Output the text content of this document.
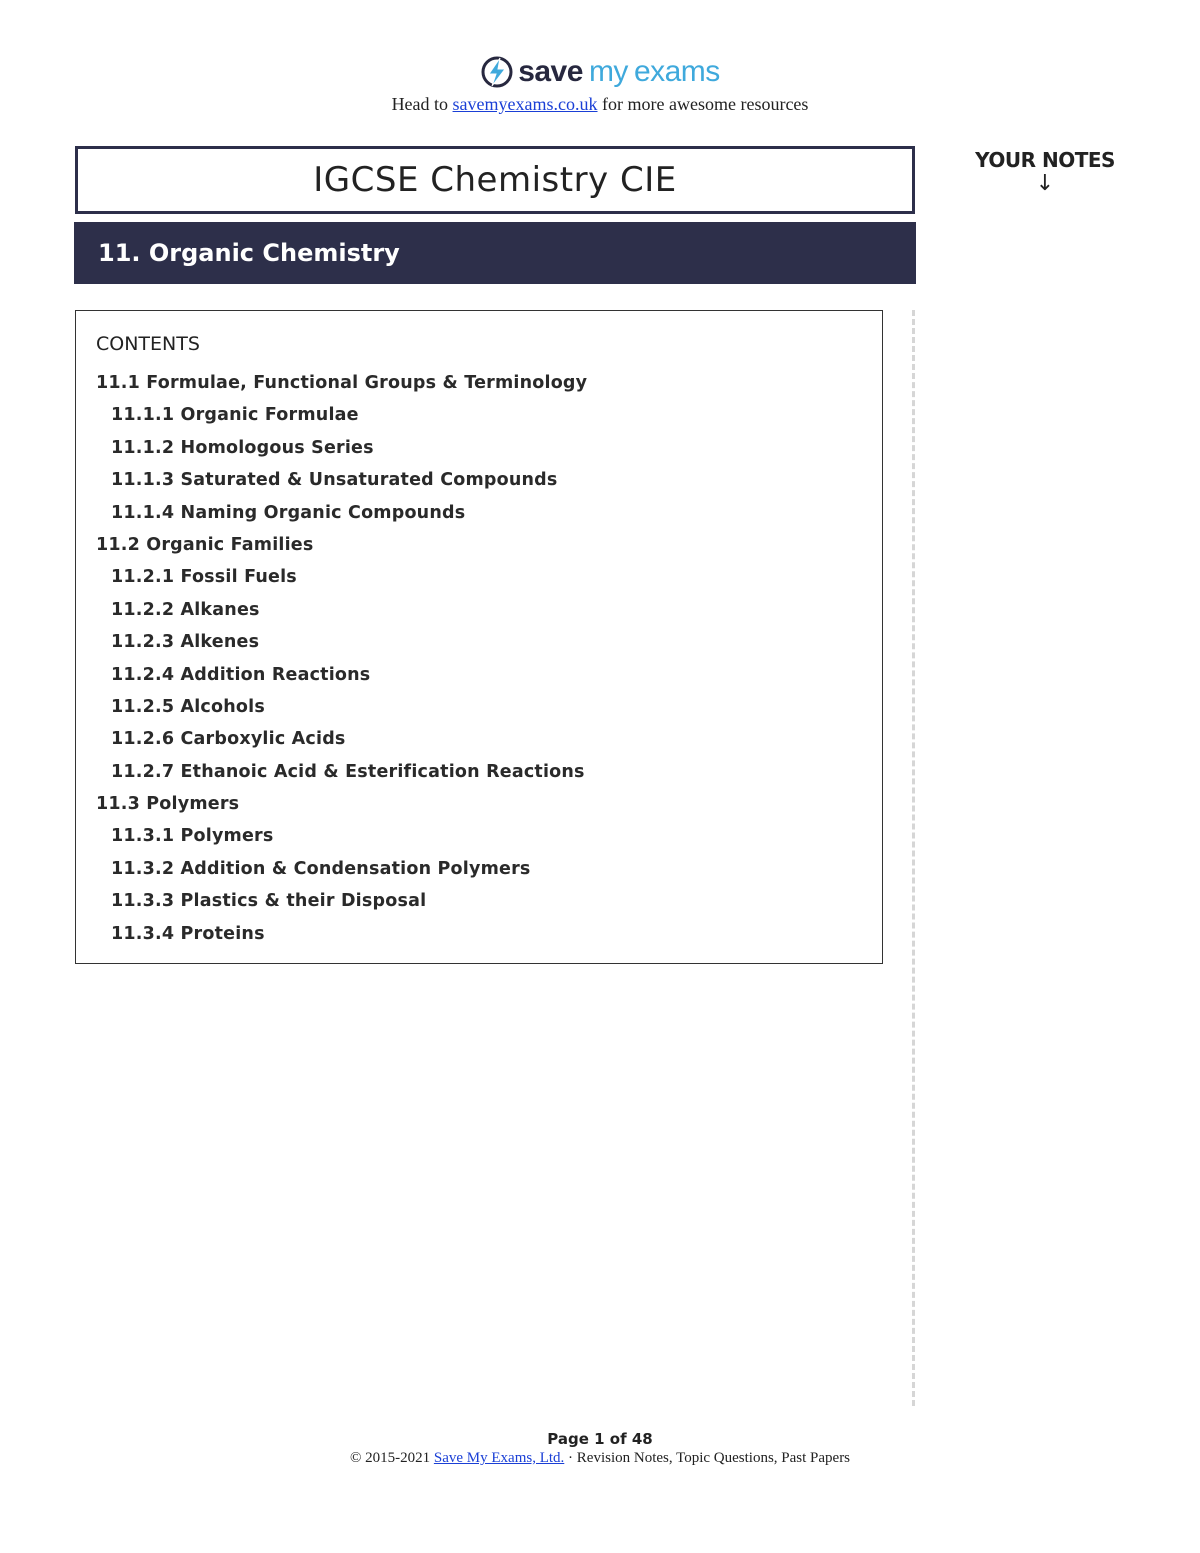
save my exams
Head to savemyexams.co.uk for more awesome resources
IGCSE Chemistry CIE
11. Organic Chemistry
YOUR NOTES
↓
CONTENTS
11.1 Formulae, Functional Groups & Terminology
11.1.1 Organic Formulae
11.1.2 Homologous Series
11.1.3 Saturated & Unsaturated Compounds
11.1.4 Naming Organic Compounds
11.2 Organic Families
11.2.1 Fossil Fuels
11.2.2 Alkanes
11.2.3 Alkenes
11.2.4 Addition Reactions
11.2.5 Alcohols
11.2.6 Carboxylic Acids
11.2.7 Ethanoic Acid & Esterification Reactions
11.3 Polymers
11.3.1 Polymers
11.3.2 Addition & Condensation Polymers
11.3.3 Plastics & their Disposal
11.3.4 Proteins
Page 1 of 48
© 2015-2021 Save My Exams, Ltd. · Revision Notes, Topic Questions, Past Papers
